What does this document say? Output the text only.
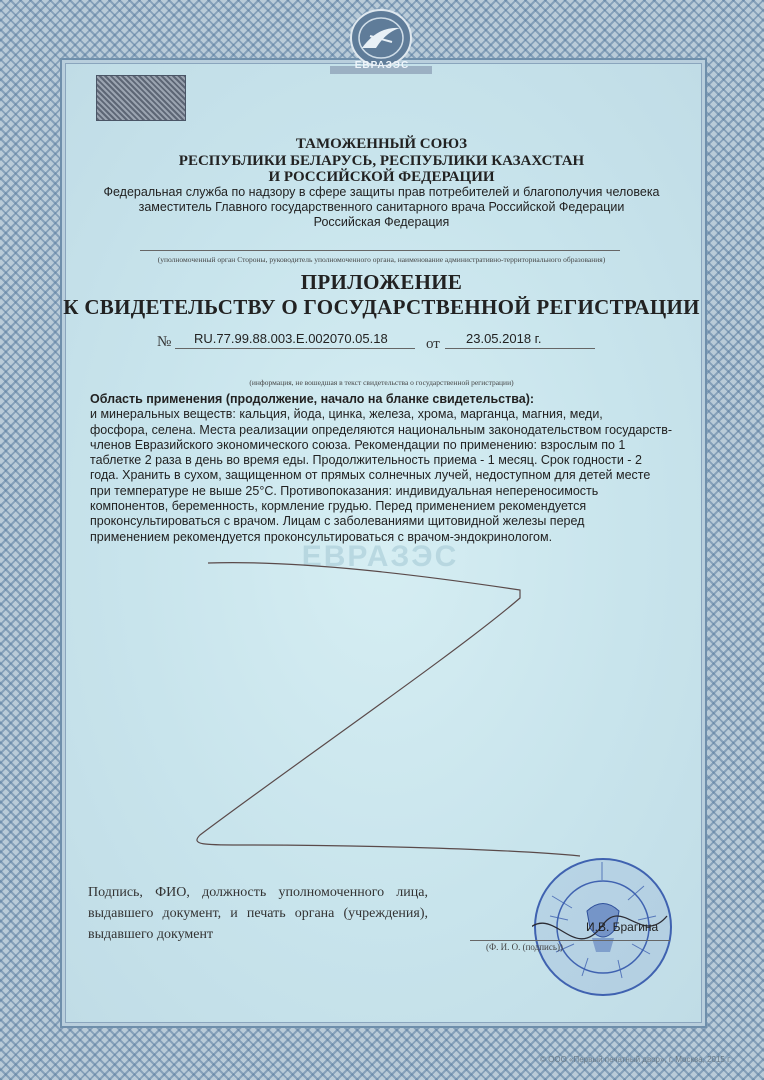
ЕВРАЗЭС
ТАМОЖЕННЫЙ СОЮЗ
РЕСПУБЛИКИ БЕЛАРУСЬ, РЕСПУБЛИКИ КАЗАХСТАН
И РОССИЙСКОЙ ФЕДЕРАЦИИ
Федеральная служба по надзору в сфере защиты прав потребителей и благополучия человека
заместитель Главного государственного санитарного врача Российской Федерации
Российская Федерация
(уполномоченный орган Стороны, руководитель уполномоченного органа, наименование административно-территориального образования)
ПРИЛОЖЕНИЕ
К СВИДЕТЕЛЬСТВУ О ГОСУДАРСТВЕННОЙ РЕГИСТРАЦИИ
№ RU.77.99.88.003.E.002070.05.18	от 23.05.2018 г.
(информация, не вошедшая в текст свидетельства о государственной регистрации)
ЕВРАЗЭС
Область применения (продолжение, начало на бланке свидетельства):
и минеральных веществ: кальция, йода, цинка, железа, хрома, марганца, магния, меди,
фосфора, селена. Места реализации определяются национальным законодательством государств-
членов Евразийского экономического союза. Рекомендации по применению: взрослым по 1
таблетке 2 раза в день во время еды. Продолжительность приема - 1 месяц. Срок годности - 2
года. Хранить в сухом, защищенном от прямых солнечных лучей, недоступном для детей месте
при температуре не выше 25°С. Противопоказания: индивидуальная непереносимость
компонентов, беременность, кормление грудью. Перед применением рекомендуется
проконсультироваться с врачом. Лицам с заболеваниями щитовидной железы перед
применением рекомендуется проконсультироваться с врачом-эндокринологом.
Подпись, ФИО, должность уполномоченного лица, выдавшего документ, и печать органа (учреждения), выдавшего документ	И.В. Брагина
(Ф. И. О. (подпись))
© ООО «Первый печатный двор», г. Москва, 2015 г.
